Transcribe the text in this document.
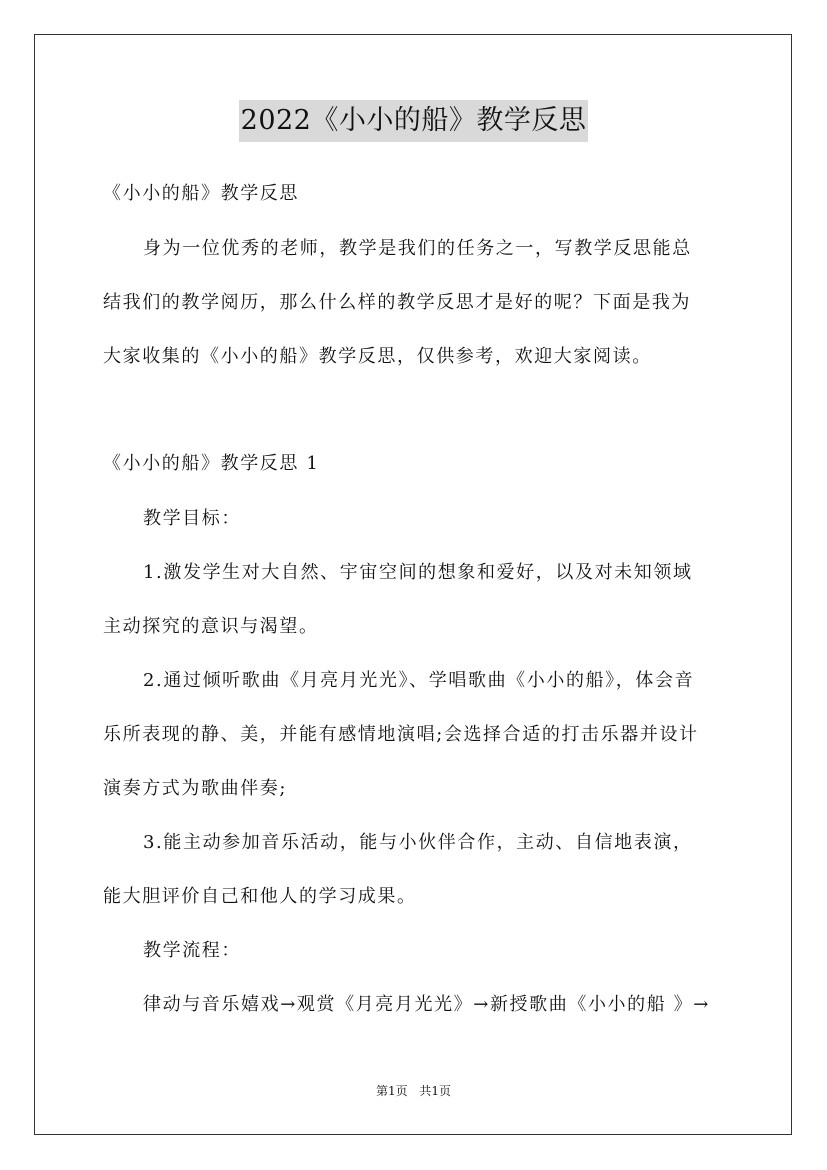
2022《小小的船》教学反思
《小小的船》教学反思
身为一位优秀的老师，教学是我们的任务之一，写教学反思能总
结我们的教学阅历，那么什么样的教学反思才是好的呢？下面是我为
大家收集的《小小的船》教学反思，仅供参考，欢迎大家阅读。
《小小的船》教学反思 1
教学目标：
1.激发学生对大自然、宇宙空间的想象和爱好，以及对未知领域
主动探究的意识与渴望。
2.通过倾听歌曲《月亮月光光》、学唱歌曲《小小的船》，体会音
乐所表现的静、美，并能有感情地演唱;会选择合适的打击乐器并设计
演奏方式为歌曲伴奏;
3.能主动参加音乐活动，能与小伙伴合作，主动、自信地表演，
能大胆评价自己和他人的学习成果。
教学流程：
律动与音乐嬉戏→观赏《月亮月光光》→新授歌曲《小小的船 》→
第1页 共1页
